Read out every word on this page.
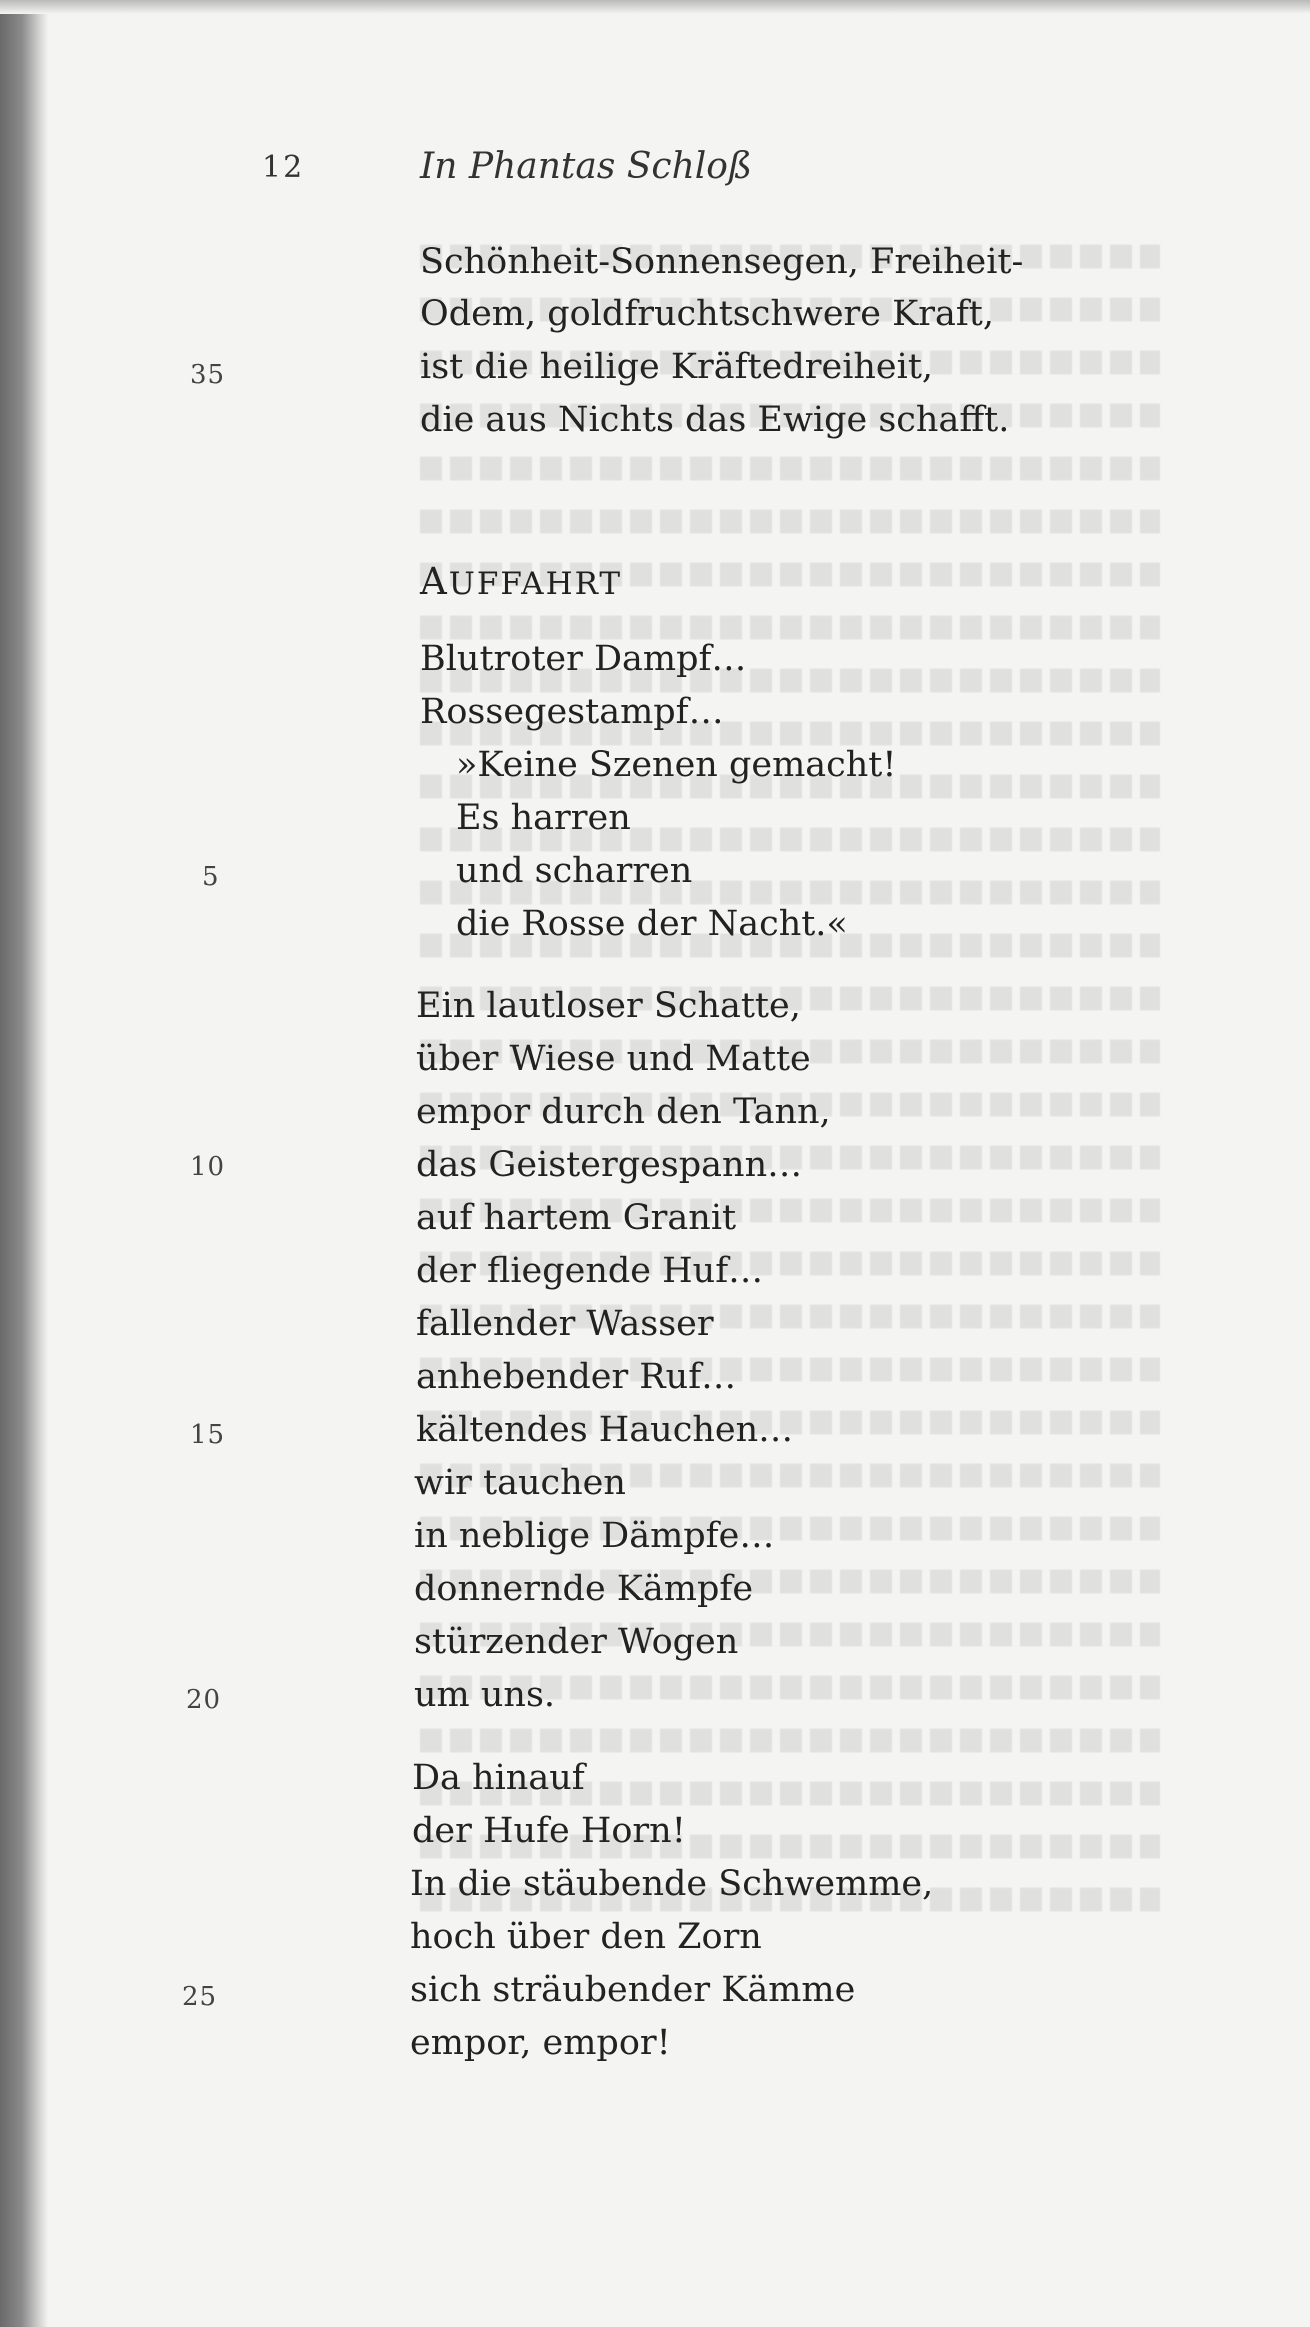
12	In Phantas Schloß
Schönheit-Sonnensegen, Freiheit-
Odem, goldfruchtschwere Kraft,
ist die heilige Kräftedreiheit,
die aus Nichts das Ewige schafft.
35
AUFFAHRT
Blutroter Dampf…
Rossegestampf…
»Keine Szenen gemacht!
Es harren
und scharren
die Rosse der Nacht.«
5
Ein lautloser Schatte,
über Wiese und Matte
empor durch den Tann,
das Geistergespann…
auf hartem Granit
der fliegende Huf…
fallender Wasser
anhebender Ruf…
kältendes Hauchen…
wir tauchen
in neblige Dämpfe…
donnernde Kämpfe
stürzender Wogen
um uns.
10
15
20
Da hinauf
der Hufe Horn!
In die stäubende Schwemme,
hoch über den Zorn
sich sträubender Kämme
empor, empor!
25
